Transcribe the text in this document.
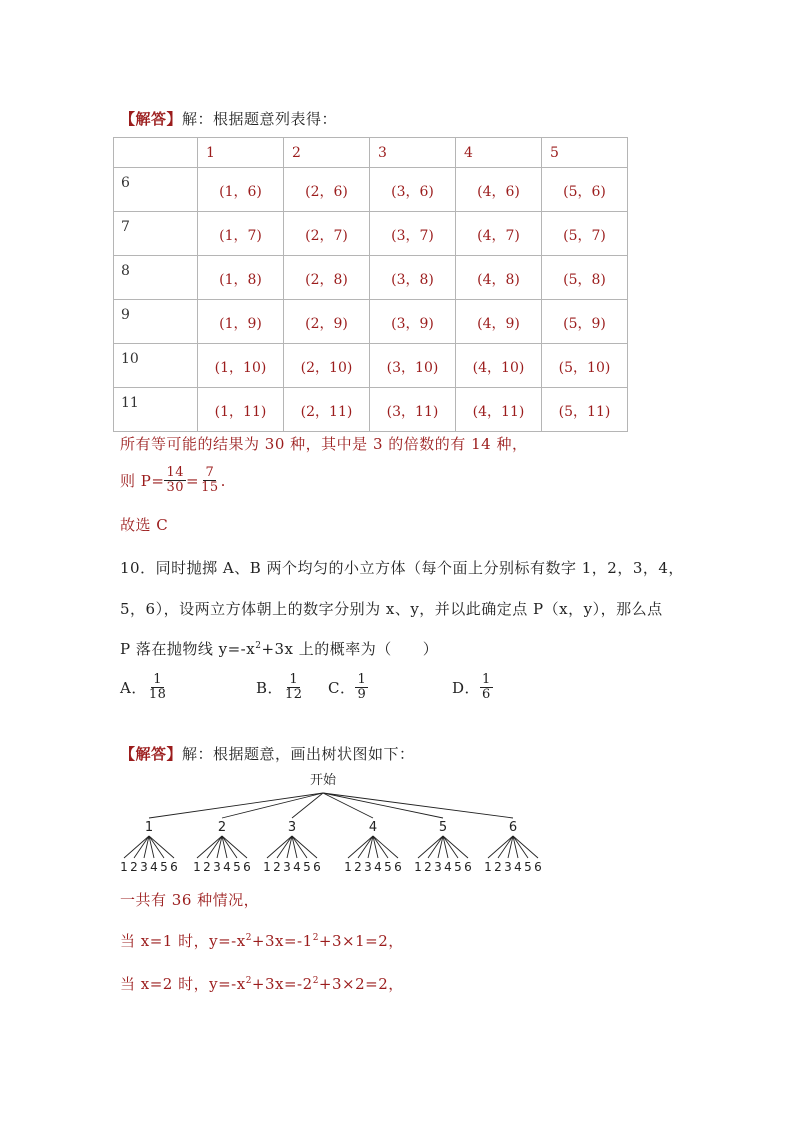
【解答】解：根据题意列表得：
	1	2	3	4	5
6	(1，6)	(2，6)	(3，6)	(4，6)	(5，6)
7	(1，7)	(2，7)	(3，7)	(4，7)	(5，7)
8	(1，8)	(2，8)	(3，8)	(4，8)	(5，8)
9	(1，9)	(2，9)	(3，9)	(4，9)	(5，9)
10	(1，10)	(2，10)	(3，10)	(4，10)	(5，10)
11	(1，11)	(2，11)	(3，11)	(4，11)	(5，11)
所有等可能的结果为 30 种，其中是 3 的倍数的有 14 种，
则 $P= \frac{14}{30} = \frac{7}{15}$ .
故选 C
10．同时抛掷 A、B 两个均匀的小立方体（每个面上分别标有数字 1，2，3，4，
5，6），设两立方体朝上的数字分别为 x、y，并以此确定点 P（x，y），那么点
P 落在抛物线 $y=-x^2+3x$ 上的概率为（　　）
A． $\frac{1}{18}$	B． $\frac{1}{12}$ C． $\frac{1}{9}$	D． $\frac{1}{6}$
【解答】解：根据题意，画出树状图如下：
开始
1
1 2 3 4 5 6
2
1 2 3 4 5 6
3
1 2 3 4 5 6
4
1 2 3 4 5 6
5
1 2 3 4 5 6
6
1 2 3 4 5 6
一共有 36 种情况，
当 x=1 时，$y=-x^2+3x=-1^2+3\times 1=2$，
当 x=2 时，$y=-x^2+3x=-2^2+3\times 2=2$，
